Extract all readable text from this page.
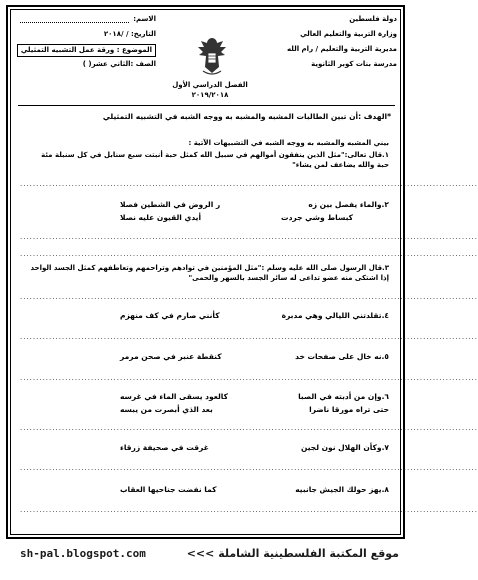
دولة فلسطين
وزارة التربية والتعليم العالي
مديرية التربية والتعليم / رام الله
مدرسة بنات كوبر الثانوية
الفصل الدراسي الأول
٢٠١٩/٢٠١٨
الاسم:
التاريخ: / /٢٠١٨
الموضوع : ورقة عمل التشبيه التمثيلي
الصف :الثاني عشر( )
*الهدف :أن تبين الطالبات المشبه والمشبه به ووجه الشبه في التشبيه التمثيلي
بيني المشبه والمشبه به ووجه الشبه في التشبيهات الآتية :
١.قال تعالى:"مثل الذين ينفقون أموالهم في سبيل الله كمثل حبة أنبتت سبع سنابل في كل سنبلة مئة حبة والله يضاعف لمن يشاء"
..............................................................................................................................................
٢.والماء يفصل بين زه
ر الروض في الشطين فصلا
كبساط وشي جردت
أيدي القيون عليه نصلا
..............................................................................................................................................
..............................................................................................................................................
٣.قال الرسول صلى الله عليه وسلم :"مثل المؤمنين في توادهم وتراحمهم وتعاطفهم كمثل الجسد الواحد إذا اشتكى منه عضو تداعى له سائر الجسد بالسهر والحمى"
..............................................................................................................................................
٤.تقلدتني الليالي وهي مدبرة
كأنني صارم في كف منهزم
..............................................................................................................................................
٥.نه خال على صفحات خد
كنقطة عنبر في صحن مرمر
..............................................................................................................................................
٦.وإن من أدبته في الصبا
كالعود يسقى الماء في غرسه
حتى تراه مورقا ناضرا
بعد الذي أبصرت من يبسه
..............................................................................................................................................
٧.وكأن الهلال نون لجين
غرقت في صحيفة زرقاء
..............................................................................................................................................
٨.يهز حولك الجيش جانبيه
كما نفضت جناحيها العقاب
..............................................................................................................................................
sh-pal.blogspot.com	موقع المكتبة الفلسطينية الشاملة >>>
